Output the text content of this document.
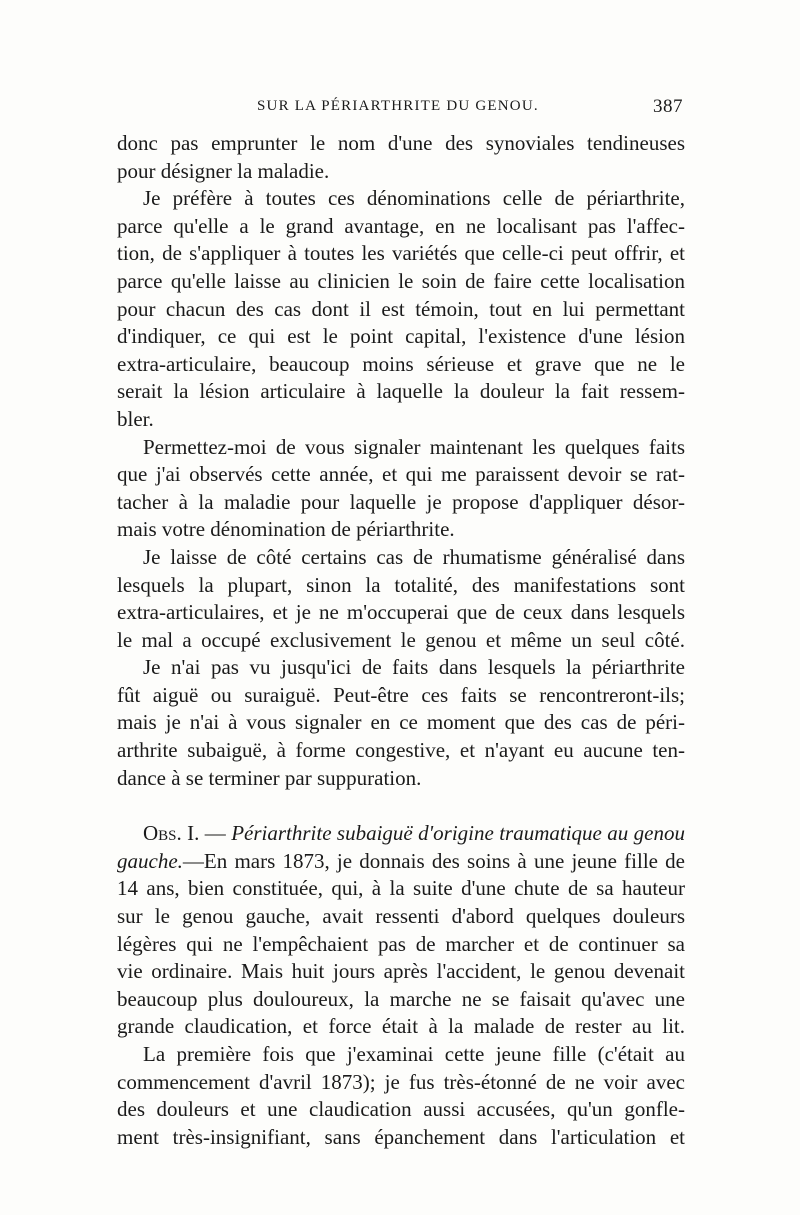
SUR LA PÉRIARTHRITE DU GENOU.	387
donc pas emprunter le nom d'une des synoviales tendineuses
pour désigner la maladie.
Je préfère à toutes ces dénominations celle de périarthrite,
parce qu'elle a le grand avantage, en ne localisant pas l'affec-
tion, de s'appliquer à toutes les variétés que celle-ci peut offrir, et
parce qu'elle laisse au clinicien le soin de faire cette localisation
pour chacun des cas dont il est témoin, tout en lui permettant
d'indiquer, ce qui est le point capital, l'existence d'une lésion
extra-articulaire, beaucoup moins sérieuse et grave que ne le
serait la lésion articulaire à laquelle la douleur la fait ressem-
bler.
Permettez-moi de vous signaler maintenant les quelques faits
que j'ai observés cette année, et qui me paraissent devoir se rat-
tacher à la maladie pour laquelle je propose d'appliquer désor-
mais votre dénomination de périarthrite.
Je laisse de côté certains cas de rhumatisme généralisé dans
lesquels la plupart, sinon la totalité, des manifestations sont
extra-articulaires, et je ne m'occuperai que de ceux dans lesquels
le mal a occupé exclusivement le genou et même un seul côté.
Je n'ai pas vu jusqu'ici de faits dans lesquels la périarthrite
fût aiguë ou suraiguë. Peut-être ces faits se rencontreront-ils;
mais je n'ai à vous signaler en ce moment que des cas de péri-
arthrite subaiguë, à forme congestive, et n'ayant eu aucune ten-
dance à se terminer par suppuration.
Obs. I. — Périarthrite subaiguë d'origine traumatique au genou
gauche.—En mars 1873, je donnais des soins à une jeune fille de
14 ans, bien constituée, qui, à la suite d'une chute de sa hauteur
sur le genou gauche, avait ressenti d'abord quelques douleurs
légères qui ne l'empêchaient pas de marcher et de continuer sa
vie ordinaire. Mais huit jours après l'accident, le genou devenait
beaucoup plus douloureux, la marche ne se faisait qu'avec une
grande claudication, et force était à la malade de rester au lit.
La première fois que j'examinai cette jeune fille (c'était au
commencement d'avril 1873); je fus très-étonné de ne voir avec
des douleurs et une claudication aussi accusées, qu'un gonfle-
ment très-insignifiant, sans épanchement dans l'articulation et
